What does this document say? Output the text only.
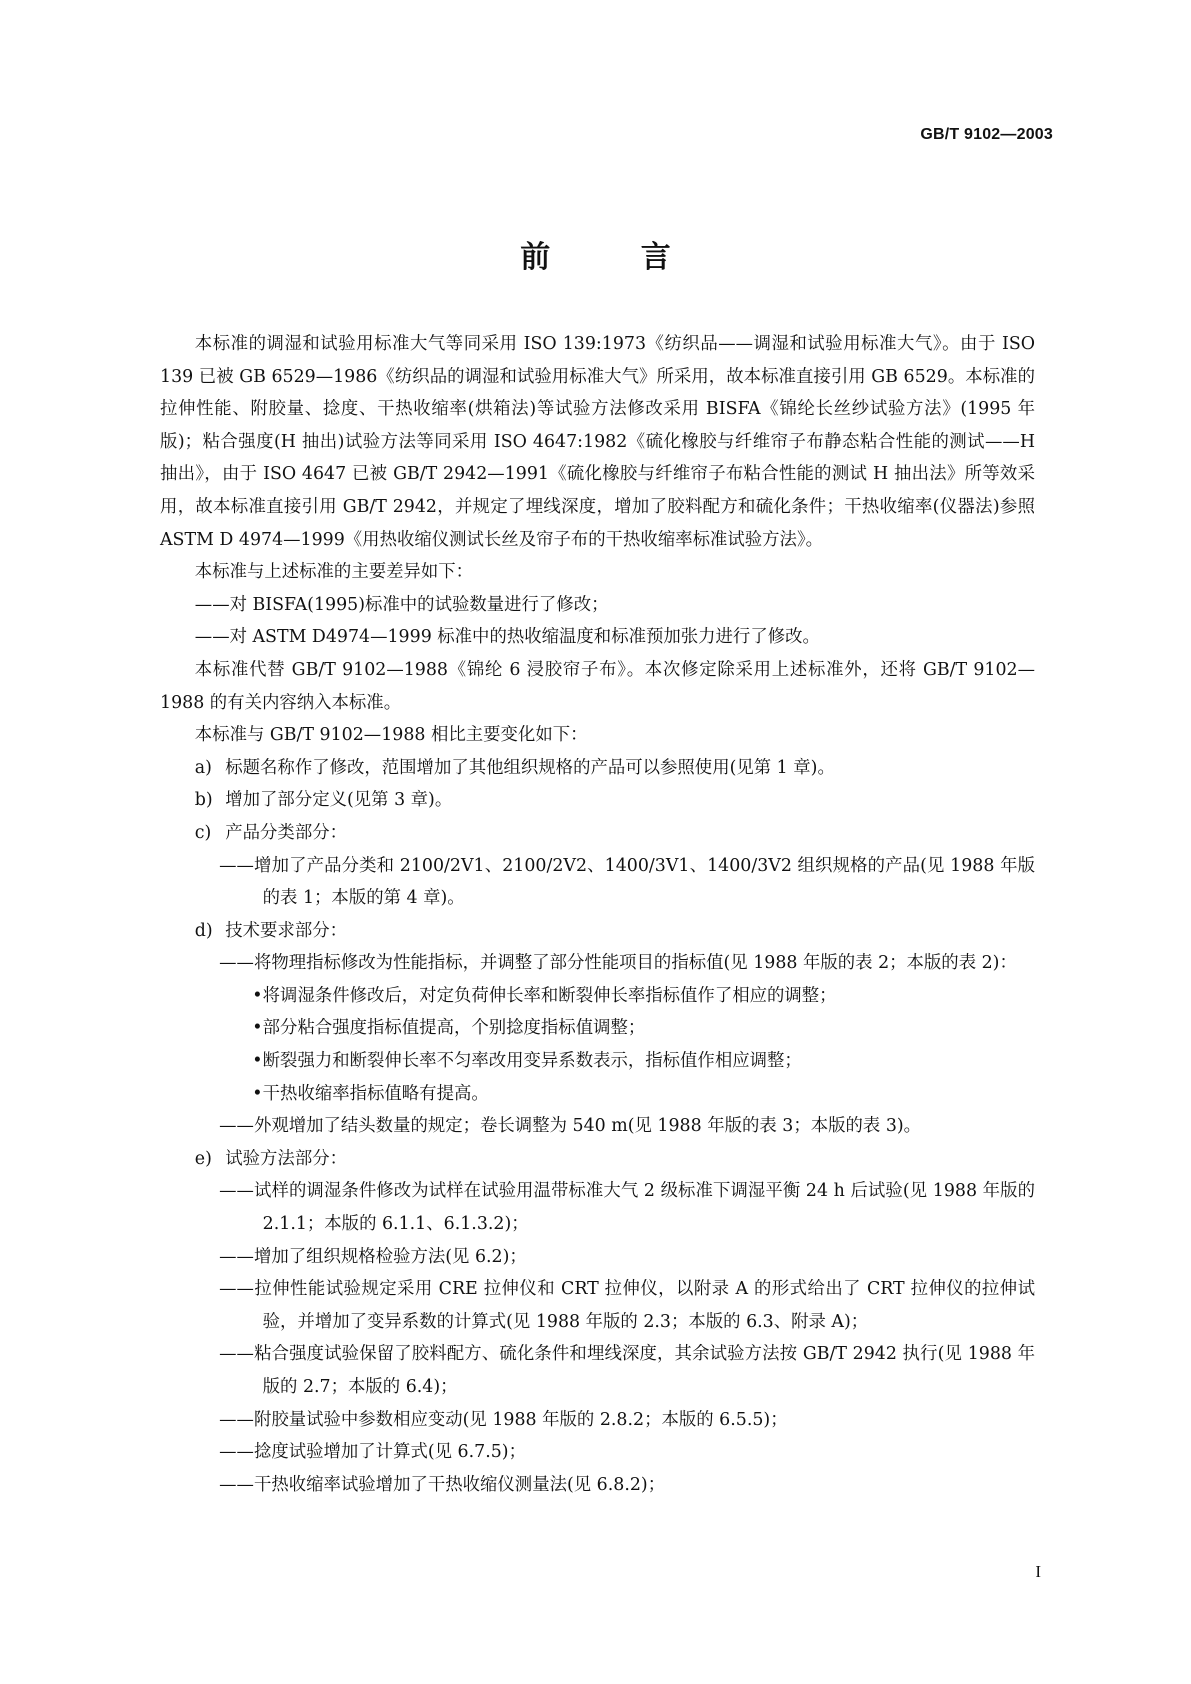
GB/T 9102—2003
前 言

本标准的调湿和试验用标准大气等同采用 ISO 139:1973《纺织品——调湿和试验用标准大气》。由于 ISO 139 已被 GB 6529—1986《纺织品的调湿和试验用标准大气》所采用，故本标准直接引用 GB 6529。本标准的拉伸性能、附胶量、捻度、干热收缩率(烘箱法)等试验方法修改采用 BISFA《锦纶长丝纱试验方法》(1995 年版)；粘合强度(H 抽出)试验方法等同采用 ISO 4647:1982《硫化橡胶与纤维帘子布静态粘合性能的测试——H 抽出》，由于 ISO 4647 已被 GB/T 2942—1991《硫化橡胶与纤维帘子布粘合性能的测试 H 抽出法》所等效采用，故本标准直接引用 GB/T 2942，并规定了埋线深度，增加了胶料配方和硫化条件；干热收缩率(仪器法)参照 ASTM D 4974—1999《用热收缩仪测试长丝及帘子布的干热收缩率标准试验方法》。

本标准与上述标准的主要差异如下：

——对 BISFA(1995)标准中的试验数量进行了修改；

——对 ASTM D4974—1999 标准中的热收缩温度和标准预加张力进行了修改。

本标准代替 GB/T 9102—1988《锦纶 6 浸胶帘子布》。本次修定除采用上述标准外，还将 GB/T 9102—1988 的有关内容纳入本标准。

本标准与 GB/T 9102—1988 相比主要变化如下：

a) 标题名称作了修改，范围增加了其他组织规格的产品可以参照使用(见第 1 章)。

b) 增加了部分定义(见第 3 章)。

c) 产品分类部分：

——增加了产品分类和 2100/2V1、2100/2V2、1400/3V1、1400/3V2 组织规格的产品(见 1988 年版的表 1；本版的第 4 章)。

d) 技术要求部分：

——将物理指标修改为性能指标，并调整了部分性能项目的指标值(见 1988 年版的表 2；本版的表 2)：

• 将调湿条件修改后，对定负荷伸长率和断裂伸长率指标值作了相应的调整；

• 部分粘合强度指标值提高，个别捻度指标值调整；

• 断裂强力和断裂伸长率不匀率改用变异系数表示，指标值作相应调整；

• 干热收缩率指标值略有提高。

——外观增加了结头数量的规定；卷长调整为 540 m(见 1988 年版的表 3；本版的表 3)。

e) 试验方法部分：

——试样的调湿条件修改为试样在试验用温带标准大气 2 级标准下调湿平衡 24 h 后试验(见 1988 年版的 2.1.1；本版的 6.1.1、6.1.3.2)；

——增加了组织规格检验方法(见 6.2)；

——拉伸性能试验规定采用 CRE 拉伸仪和 CRT 拉伸仪，以附录 A 的形式给出了 CRT 拉伸仪的拉伸试验，并增加了变异系数的计算式(见 1988 年版的 2.3；本版的 6.3、附录 A)；

——粘合强度试验保留了胶料配方、硫化条件和埋线深度，其余试验方法按 GB/T 2942 执行(见 1988 年版的 2.7；本版的 6.4)；

——附胶量试验中参数相应变动(见 1988 年版的 2.8.2；本版的 6.5.5)；

——捻度试验增加了计算式(见 6.7.5)；

——干热收缩率试验增加了干热收缩仪测量法(见 6.8.2)；

I
